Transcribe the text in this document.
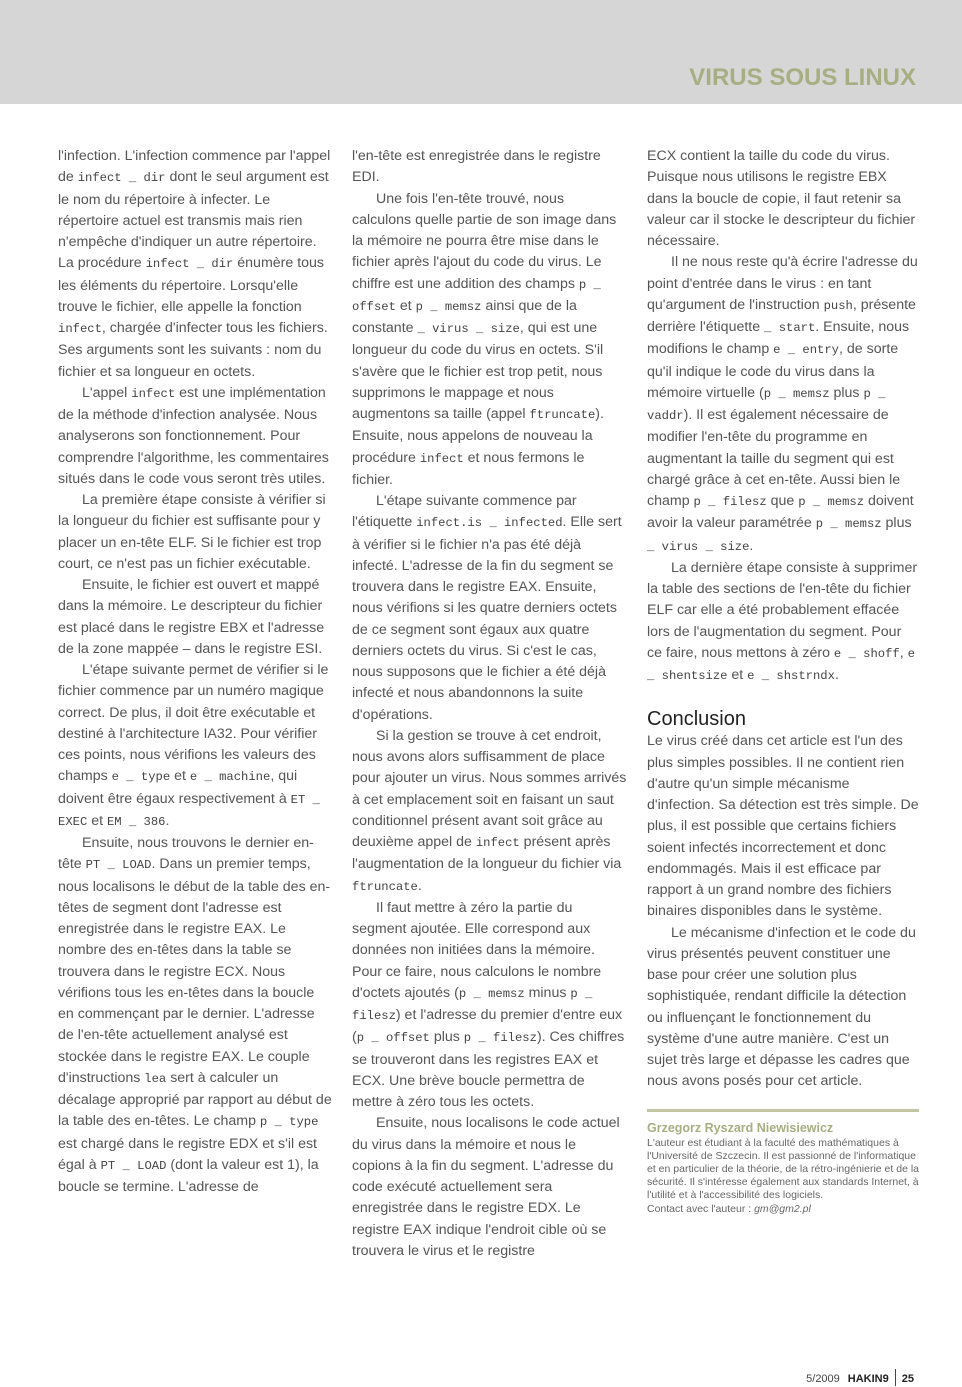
VIRUS SOUS LINUX

l'infection. L'infection commence par l'appel de infect _ dir dont le seul argument est le nom du répertoire à infecter. Le répertoire actuel est transmis mais rien n'empêche d'indiquer un autre répertoire. La procédure infect _ dir énumère tous les éléments du répertoire. Lorsqu'elle trouve le fichier, elle appelle la fonction infect, chargée d'infecter tous les fichiers. Ses arguments sont les suivants : nom du fichier et sa longueur en octets.

L'appel infect est une implémentation de la méthode d'infection analysée. Nous analyserons son fonctionnement. Pour comprendre l'algorithme, les commentaires situés dans le code vous seront très utiles.

La première étape consiste à vérifier si la longueur du fichier est suffisante pour y placer un en-tête ELF. Si le fichier est trop court, ce n'est pas un fichier exécutable.

Ensuite, le fichier est ouvert et mappé dans la mémoire. Le descripteur du fichier est placé dans le registre EBX et l'adresse de la zone mappée – dans le registre ESI.

L'étape suivante permet de vérifier si le fichier commence par un numéro magique correct. De plus, il doit être exécutable et destiné à l'architecture IA32. Pour vérifier ces points, nous vérifions les valeurs des champs e _ type et e _ machine, qui doivent être égaux respectivement à ET _ EXEC et EM _ 386.

Ensuite, nous trouvons le dernier en-tête PT _ LOAD. Dans un premier temps, nous localisons le début de la table des en-têtes de segment dont l'adresse est enregistrée dans le registre EAX. Le nombre des en-têtes dans la table se trouvera dans le registre ECX. Nous vérifions tous les en-têtes dans la boucle en commençant par le dernier. L'adresse de l'en-tête actuellement analysé est stockée dans le registre EAX. Le couple d'instructions lea sert à calculer un décalage approprié par rapport au début de la table des en-têtes. Le champ p _ type est chargé dans le registre EDX et s'il est égal à PT _ LOAD (dont la valeur est 1), la boucle se termine. L'adresse de

l'en-tête est enregistrée dans le registre EDI.

Une fois l'en-tête trouvé, nous calculons quelle partie de son image dans la mémoire ne pourra être mise dans le fichier après l'ajout du code du virus. Le chiffre est une addition des champs p _ offset et p _ memsz ainsi que de la constante _ virus _ size, qui est une longueur du code du virus en octets. S'il s'avère que le fichier est trop petit, nous supprimons le mappage et nous augmentons sa taille (appel ftruncate). Ensuite, nous appelons de nouveau la procédure infect et nous fermons le fichier.

L'étape suivante commence par l'étiquette infect.is _ infected. Elle sert à vérifier si le fichier n'a pas été déjà infecté. L'adresse de la fin du segment se trouvera dans le registre EAX. Ensuite, nous vérifions si les quatre derniers octets de ce segment sont égaux aux quatre derniers octets du virus. Si c'est le cas, nous supposons que le fichier a été déjà infecté et nous abandonnons la suite d'opérations.

Si la gestion se trouve à cet endroit, nous avons alors suffisamment de place pour ajouter un virus. Nous sommes arrivés à cet emplacement soit en faisant un saut conditionnel présent avant soit grâce au deuxième appel de infect présent après l'augmentation de la longueur du fichier via ftruncate.

Il faut mettre à zéro la partie du segment ajoutée. Elle correspond aux données non initiées dans la mémoire. Pour ce faire, nous calculons le nombre d'octets ajoutés (p _ memsz minus p _ filesz) et l'adresse du premier d'entre eux (p _ offset plus p _ filesz). Ces chiffres se trouveront dans les registres EAX et ECX. Une brève boucle permettra de mettre à zéro tous les octets.

Ensuite, nous localisons le code actuel du virus dans la mémoire et nous le copions à la fin du segment. L'adresse du code exécuté actuellement sera enregistrée dans le registre EDX. Le registre EAX indique l'endroit cible où se trouvera le virus et le registre

ECX contient la taille du code du virus. Puisque nous utilisons le registre EBX dans la boucle de copie, il faut retenir sa valeur car il stocke le descripteur du fichier nécessaire.

Il ne nous reste qu'à écrire l'adresse du point d'entrée dans le virus : en tant qu'argument de l'instruction push, présente derrière l'étiquette _ start. Ensuite, nous modifions le champ e _ entry, de sorte qu'il indique le code du virus dans la mémoire virtuelle (p _ memsz plus p _ vaddr). Il est également nécessaire de modifier l'en-tête du programme en augmentant la taille du segment qui est chargé grâce à cet en-tête. Aussi bien le champ p _ filesz que p _ memsz doivent avoir la valeur paramétrée p _ memsz plus _ virus _ size.

La dernière étape consiste à supprimer la table des sections de l'en-tête du fichier ELF car elle a été probablement effacée lors de l'augmentation du segment. Pour ce faire, nous mettons à zéro e _ shoff, e _ shentsize et e _ shstrndx.

Conclusion

Le virus créé dans cet article est l'un des plus simples possibles. Il ne contient rien d'autre qu'un simple mécanisme d'infection. Sa détection est très simple. De plus, il est possible que certains fichiers soient infectés incorrectement et donc endommagés. Mais il est efficace par rapport à un grand nombre des fichiers binaires disponibles dans le système.

Le mécanisme d'infection et le code du virus présentés peuvent constituer une base pour créer une solution plus sophistiquée, rendant difficile la détection ou influençant le fonctionnement du système d'une autre manière. C'est un sujet très large et dépasse les cadres que nous avons posés pour cet article.

Grzegorz Ryszard Niewisiewicz
L'auteur est étudiant à la faculté des mathématiques à l'Université de Szczecin. Il est passionné de l'informatique et en particulier de la théorie, de la rétro-ingénierie et de la sécurité. Il s'intéresse également aux standards Internet, à l'utilité et à l'accessibilité des logiciels.
Contact avec l'auteur : gm@gm2.pl
5/2009 HAKIN9 25
